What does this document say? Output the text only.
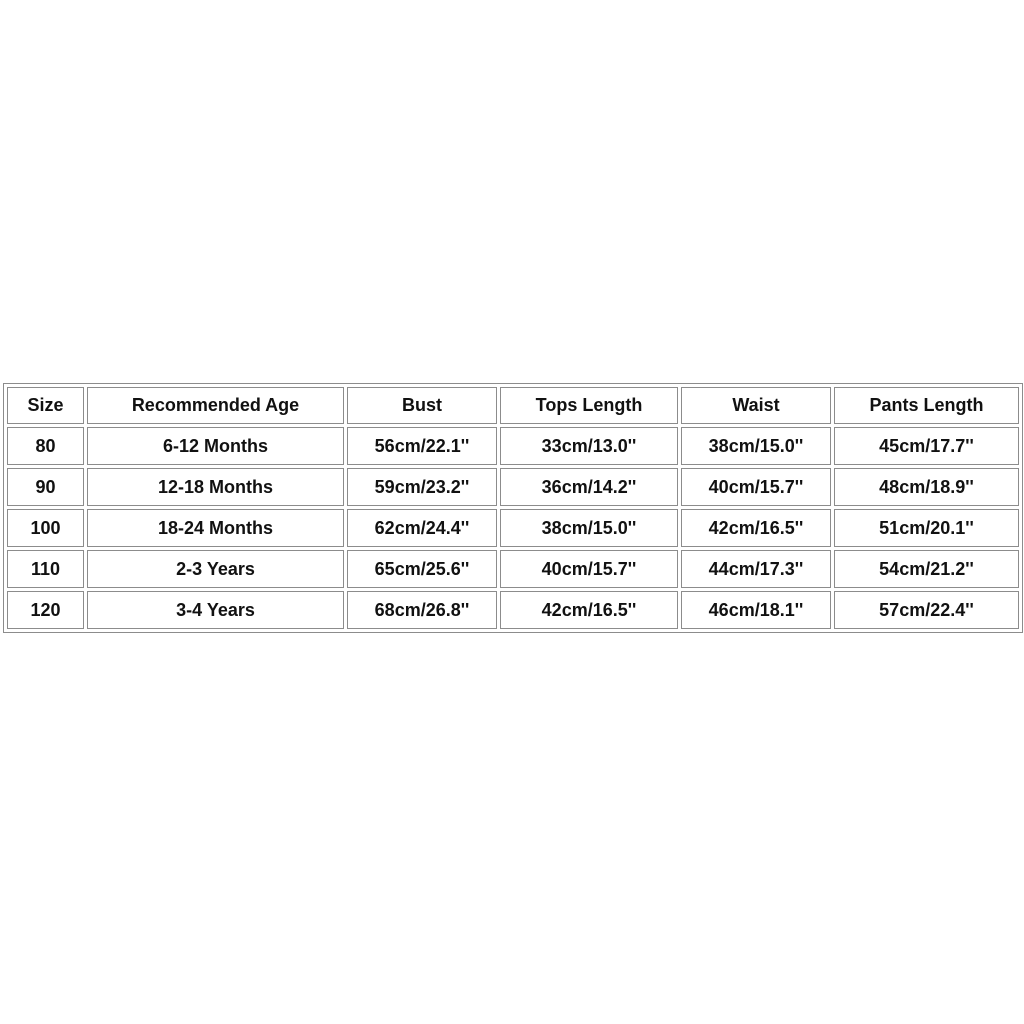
Size	Recommended Age	Bust	Tops Length	Waist	Pants Length
80	6-12 Months	56cm/22.1''	33cm/13.0''	38cm/15.0''	45cm/17.7''
90	12-18 Months	59cm/23.2''	36cm/14.2''	40cm/15.7''	48cm/18.9''
100	18-24 Months	62cm/24.4''	38cm/15.0''	42cm/16.5''	51cm/20.1''
110	2-3 Years	65cm/25.6''	40cm/15.7''	44cm/17.3''	54cm/21.2''
120	3-4 Years	68cm/26.8''	42cm/16.5''	46cm/18.1''	57cm/22.4''
